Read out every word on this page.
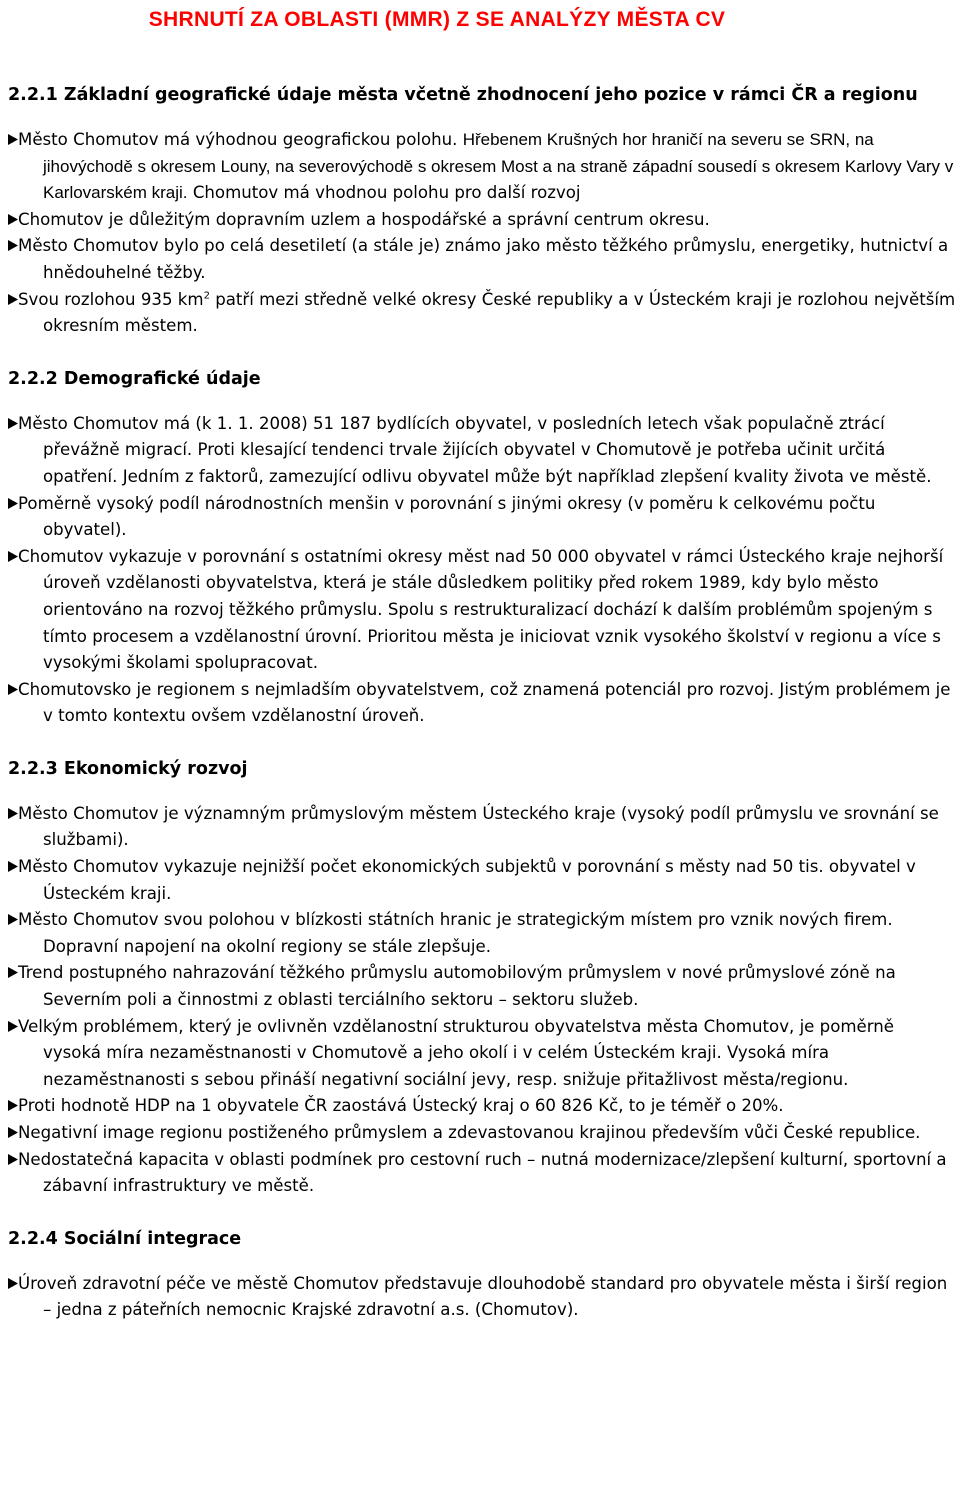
SHRNUTÍ ZA OBLASTI (MMR) Z SE ANALÝZY MĚSTA CV

2.2.1 Základní geografické údaje města včetně zhodnocení jeho pozice v rámci ČR a regionu

Město Chomutov má výhodnou geografickou polohu. Hřebenem Krušných hor hraničí na severu se SRN, na jihovýchodě s okresem Louny, na severovýchodě s okresem Most a na straně západní sousedí s okresem Karlovy Vary v Karlovarském kraji. Chomutov má vhodnou polohu pro další rozvoj

Chomutov je důležitým dopravním uzlem a hospodářské a správní centrum okresu.

Město Chomutov bylo po celá desetiletí (a stále je) známo jako město těžkého průmyslu, energetiky, hutnictví a hnědouhelné těžby.

Svou rozlohou 935 $km^2$ patří mezi středně velké okresy České republiky a v Ústeckém kraji je rozlohou největším okresním městem.

2.2.2 Demografické údaje

Město Chomutov má (k 1. 1. 2008) 51 187 bydlících obyvatel, v posledních letech však populačně ztrácí převážně migrací. Proti klesající tendenci trvale žijících obyvatel v Chomutově je potřeba učinit určitá opatření. Jedním z faktorů, zamezující odlivu obyvatel může být například zlepšení kvality života ve městě.

Poměrně vysoký podíl národnostních menšin v porovnání s jinými okresy (v poměru k celkovému počtu obyvatel).

Chomutov vykazuje v porovnání s ostatními okresy měst nad 50 000 obyvatel v rámci Ústeckého kraje nejhorší úroveň vzdělanosti obyvatelstva, která je stále důsledkem politiky před rokem 1989, kdy bylo město orientováno na rozvoj těžkého průmyslu. Spolu s restrukturalizací dochází k dalším problémům spojeným s tímto procesem a vzdělanostní úrovní. Prioritou města je iniciovat vznik vysokého školství v regionu a více s vysokými školami spolupracovat.

Chomutovsko je regionem s nejmladším obyvatelstvem, což znamená potenciál pro rozvoj. Jistým problémem je v tomto kontextu ovšem vzdělanostní úroveň.

2.2.3 Ekonomický rozvoj

Město Chomutov je významným průmyslovým městem Ústeckého kraje (vysoký podíl průmyslu ve srovnání se službami).

Město Chomutov vykazuje nejnižší počet ekonomických subjektů v porovnání s městy nad 50 tis. obyvatel v Ústeckém kraji.

Město Chomutov svou polohou v blízkosti státních hranic je strategickým místem pro vznik nových firem. Dopravní napojení na okolní regiony se stále zlepšuje.

Trend postupného nahrazování těžkého průmyslu automobilovým průmyslem v nové průmyslové zóně na Severním poli a činnostmi z oblasti terciálního sektoru – sektoru služeb.

Velkým problémem, který je ovlivněn vzdělanostní strukturou obyvatelstva města Chomutov, je poměrně vysoká míra nezaměstnanosti v Chomutově a jeho okolí i v celém Ústeckém kraji. Vysoká míra nezaměstnanosti s sebou přináší negativní sociální jevy, resp. snižuje přitažlivost města/regionu.

Proti hodnotě HDP na 1 obyvatele ČR zaostává Ústecký kraj o 60 826 Kč, to je téměř o 20%.

Negativní image regionu postiženého průmyslem a zdevastovanou krajinou především vůči České republice.

Nedostatečná kapacita v oblasti podmínek pro cestovní ruch – nutná modernizace/zlepšení kulturní, sportovní a zábavní infrastruktury ve městě.

2.2.4 Sociální integrace

Úroveň zdravotní péče ve městě Chomutov představuje dlouhodobě standard pro obyvatele města i širší region – jedna z páteřních nemocnic Krajské zdravotní a.s. (Chomutov).
